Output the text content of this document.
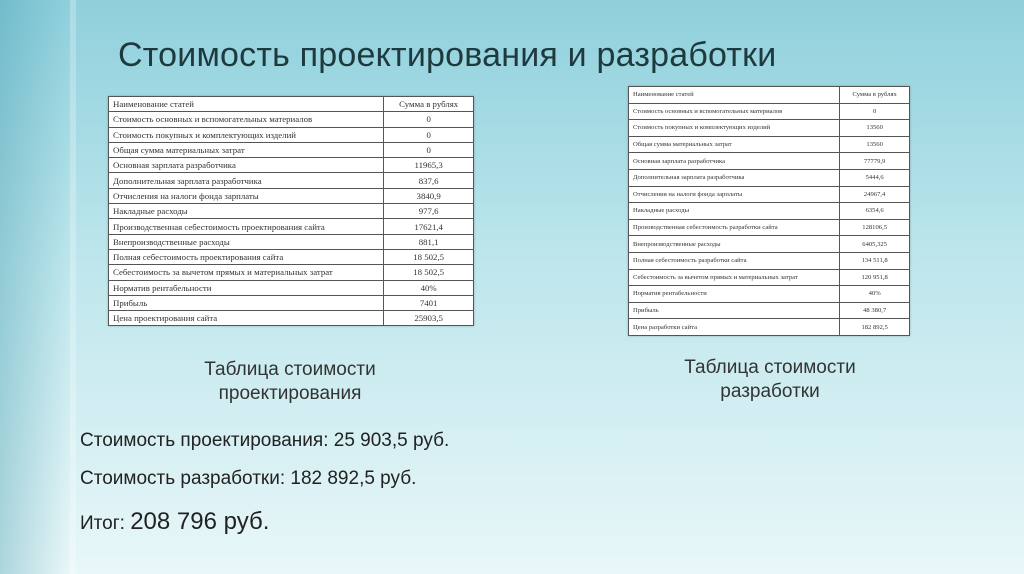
Стоимость проектирования и разработки
Наименование статей	Сумма в рублях
Стоимость основных и вспомогательных материалов	0
Стоимость покупных и комплектующих изделий	0
Общая сумма материальных затрат	0
Основная зарплата разработчика	11965,3
Дополнительная зарплата разработчика	837,6
Отчисления на налоги фонда зарплаты	3840,9
Накладные расходы	977,6
Производственная себестоимость проектирования сайта	17621,4
Внепроизводственные расходы	881,1
Полная себестоимость проектирования сайта	18 502,5
Себестоимость за вычетом прямых и материальных затрат	18 502,5
Норматив рентабельности	40%
Прибыль	7401
Цена проектирования сайта	25903,5
Наименование статей	Сумма в рублях
Стоимость основных и вспомогательных материалов	0
Стоимость покупных и комплектующих изделий	13560
Общая сумма материальных затрат	13560
Основная зарплата разработчика	77779,9
Дополнительная зарплата разработчика	5444,6
Отчисления на налоги фонда зарплаты	24967,4
Накладные расходы	6354,6
Производственная себестоимость разработки сайта	128106,5
Внепроизводственные расходы	6405,325
Полная себестоимость разработки сайта	134 511,8
Себестоимость за вычетом прямых и материальных затрат	120 951,8
Норматив рентабельности	40%
Прибыль	48 380,7
Цена разработки сайта	182 892,5
Таблица стоимости проектирования
Таблица стоимости разработки
Стоимость проектирования: 25 903,5 руб.
Стоимость разработки: 182 892,5 руб.
Итог: 208 796 руб.
